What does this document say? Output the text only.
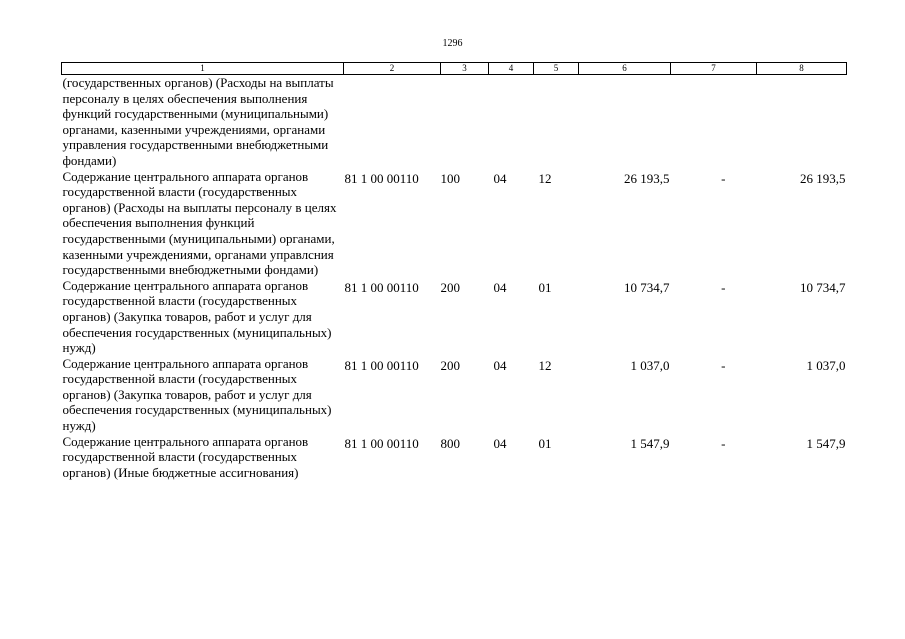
1296
1	2	3	4	5	6	7	8
(государственных органов) (Расходы на выплаты персоналу в целях обеспечения выполнения функций государственными (муниципальными) органами, казенными учреждениями, органами управления государственными внебюджетными фондами)							
Содержание центрального аппарата органов государственной власти (государственных органов) (Расходы на выплаты персоналу в целях обеспечения выполнения функций государственными (муниципальными) органами, казенными учреждениями, органами управлсния государственными внебюджетными фондами)	81 1 00 00110	100	04	12	26 193,5	-	26 193,5
Содержание центрального аппарата органов государственной власти (государственных органов) (Закупка товаров, работ и услуг для обеспечения государственных (муниципальных) нужд)	81 1 00 00110	200	04	01	10 734,7	-	10 734,7
Содержание центрального аппарата органов государственной власти (государственных органов) (Закупка товаров, работ и услуг для обеспечения государственных (муниципальных) нужд)	81 1 00 00110	200	04	12	1 037,0	-	1 037,0
Содержание центрального аппарата органов государственной власти (государственных органов) (Иные бюджетные ассигнования)	81 1 00 00110	800	04	01	1 547,9	-	1 547,9
